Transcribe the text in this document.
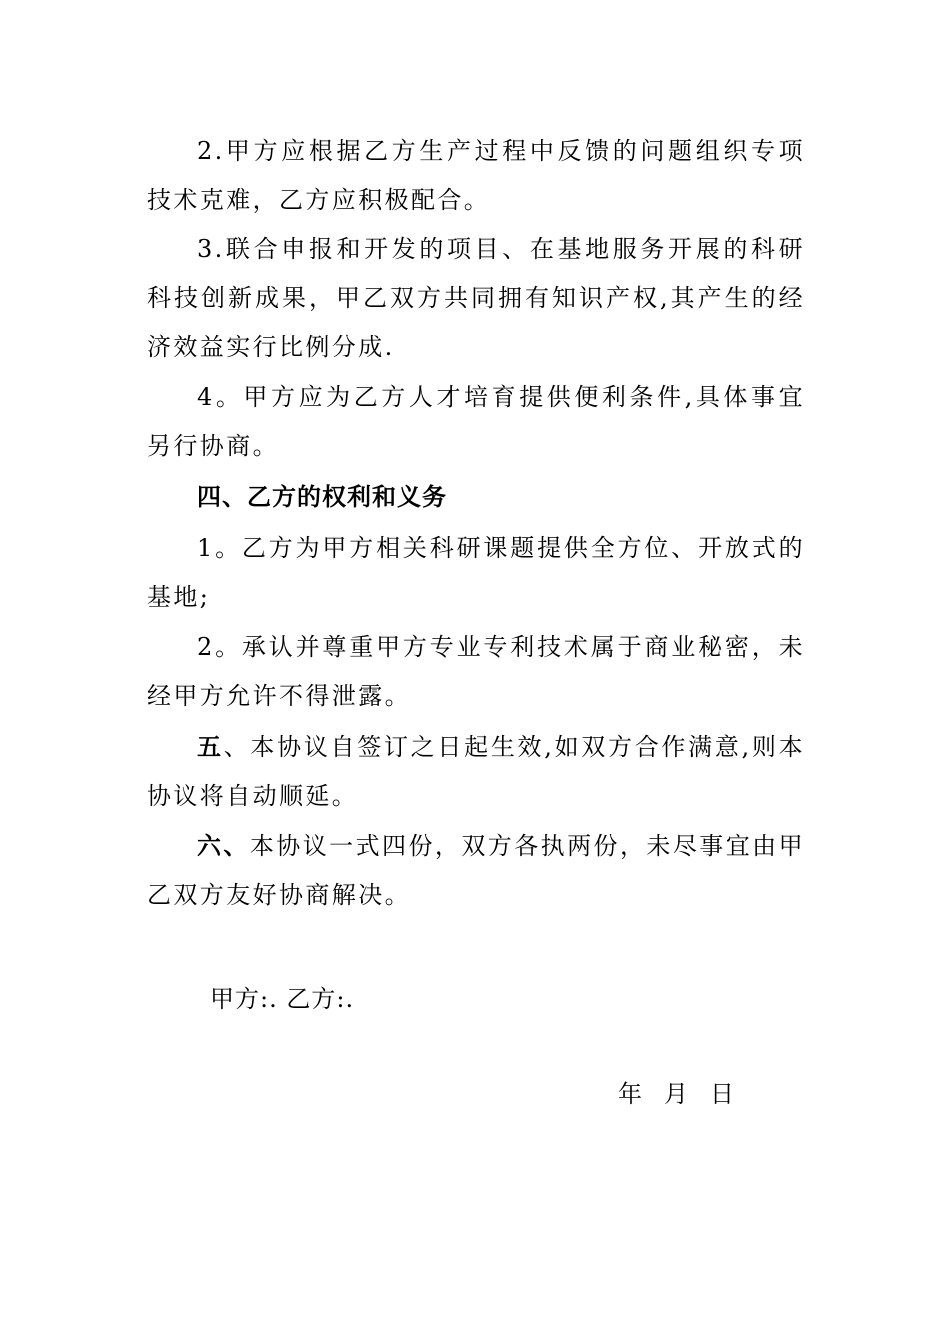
2.甲方应根据乙方生产过程中反馈的问题组织专项技术克难，乙方应积极配合。

3.联合申报和开发的项目、在基地服务开展的科研科技创新成果，甲乙双方共同拥有知识产权,其产生的经济效益实行比例分成.

4。甲方应为乙方人才培育提供便利条件,具体事宜另行协商。

四、乙方的权利和义务

1。乙方为甲方相关科研课题提供全方位、开放式的基地;

2。承认并尊重甲方专业专利技术属于商业秘密，未经甲方允许不得泄露。

五、本协议自签订之日起生效,如双方合作满意,则本协议将自动顺延。

六、本协议一式四份，双方各执两份，未尽事宜由甲乙双方友好协商解决。

甲方:. 乙方:.
年 月 日
